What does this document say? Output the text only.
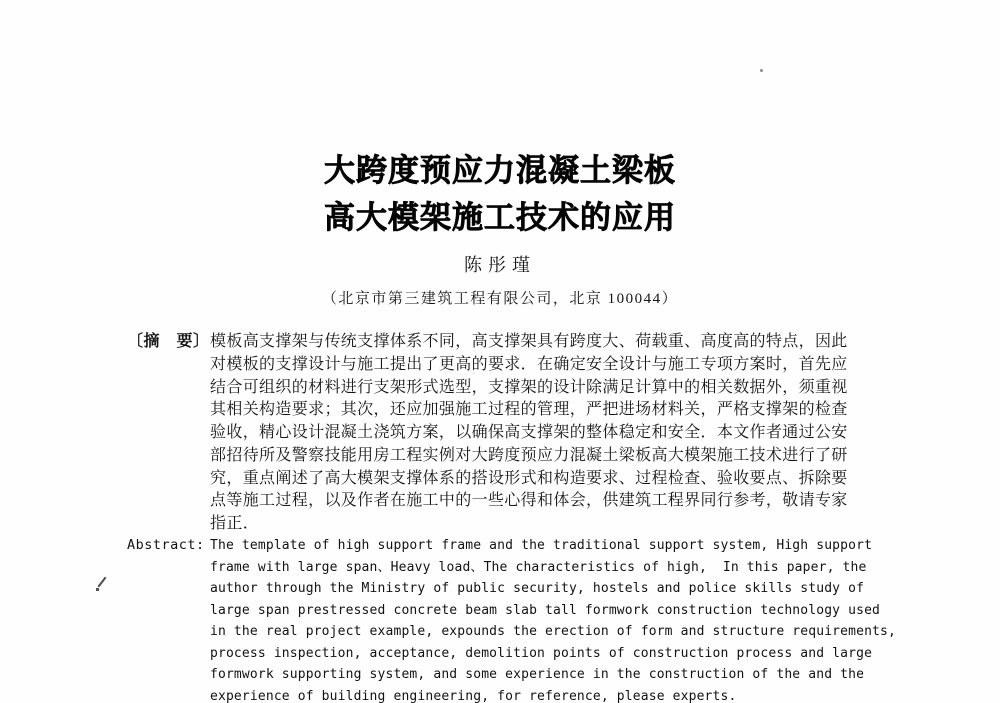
大跨度预应力混凝土梁板
高大模架施工技术的应用
陈彤瑾
（北京市第三建筑工程有限公司，北京 100044）
〔摘　要〕 模板高支撑架与传统支撑体系不同，高支撑架具有跨度大、荷载重、高度高的特点，因此
对模板的支撑设计与施工提出了更高的要求．在确定安全设计与施工专项方案时，首先应
结合可组织的材料进行支架形式选型，支撑架的设计除满足计算中的相关数据外，须重视
其相关构造要求；其次，还应加强施工过程的管理，严把进场材料关，严格支撑架的检查
验收，精心设计混凝土浇筑方案，以确保高支撑架的整体稳定和安全．本文作者通过公安
部招待所及警察技能用房工程实例对大跨度预应力混凝土梁板高大模架施工技术进行了研
究，重点阐述了高大模架支撑体系的搭设形式和构造要求、过程检查、验收要点、拆除要
点等施工过程，以及作者在施工中的一些心得和体会，供建筑工程界同行参考，敬请专家
指正．
Abstract: The template of high support frame and the traditional support system, High support
frame with large span、Heavy load、The characteristics of high,  In this paper, the
author through the Ministry of public security, hostels and police skills study of
large span prestressed concrete beam slab tall formwork construction technology used
in the real project example, expounds the erection of form and structure requirements,
process inspection, acceptance, demolition points of construction process and large
formwork supporting system, and some experience in the construction of the and the
experience of building engineering, for reference, please experts.
